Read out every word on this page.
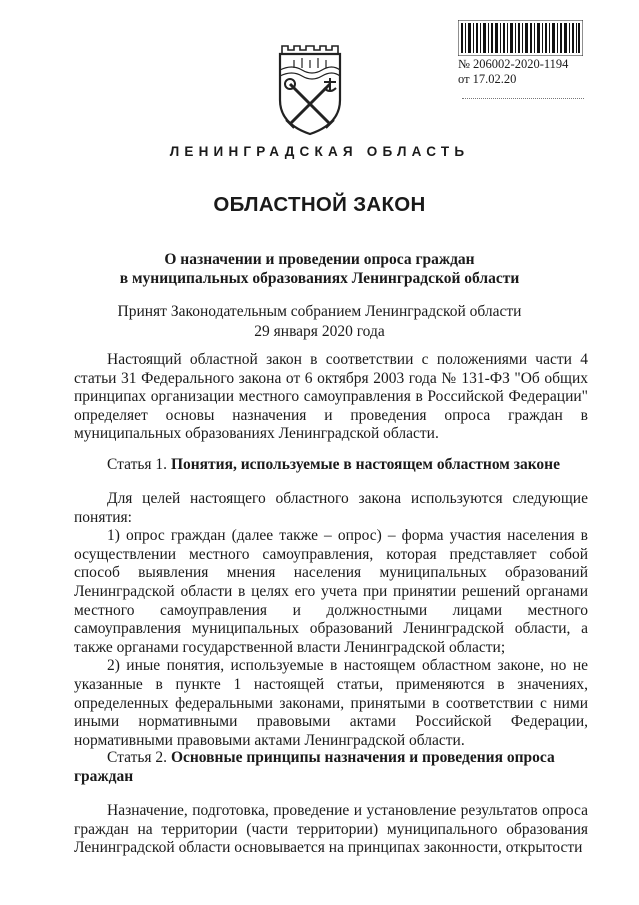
№ 206002-2020-1194
от 17.02.20
ЛЕНИНГРАДСКАЯ ОБЛАСТЬ
ОБЛАСТНОЙ ЗАКОН
О назначении и проведении опроса граждан
в муниципальных образованиях Ленинградской области
Принят Законодательным собранием Ленинградской области
29 января 2020 года

Настоящий областной закон в соответствии с положениями части 4 статьи 31 Федерального закона от 6 октября 2003 года № 131-ФЗ "Об общих принципах организации местного самоуправления в Российской Федерации" определяет основы назначения и проведения опроса граждан в муниципальных образованиях Ленинградской области.

Статья 1. Понятия, используемые в настоящем областном законе

Для целей настоящего областного закона используются следующие понятия:

1) опрос граждан (далее также – опрос) – форма участия населения в осуществлении местного самоуправления, которая представляет собой способ выявления мнения населения муниципальных образований Ленинградской области в целях его учета при принятии решений органами местного самоуправления и должностными лицами местного самоуправления муниципальных образований Ленинградской области, а также органами государственной власти Ленинградской области;

2) иные понятия, используемые в настоящем областном законе, но не указанные в пункте 1 настоящей статьи, применяются в значениях, определенных федеральными законами, принятыми в соответствии с ними иными нормативными правовыми актами Российской Федерации, нормативными правовыми актами Ленинградской области.

Статья 2. Основные принципы назначения и проведения опроса граждан

Назначение, подготовка, проведение и установление результатов опроса граждан на территории (части территории) муниципального образования Ленинградской области основывается на принципах законности, открытости
